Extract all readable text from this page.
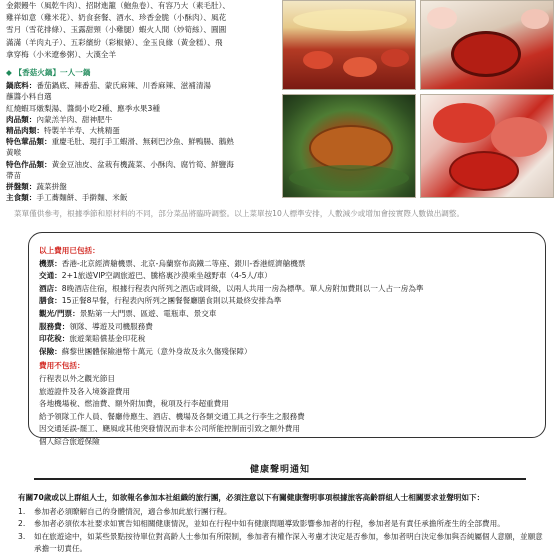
金銀饅牛（風乾牛肉）、招財進籠（鮑魚卷）、有容乃大（素毛肚）、
雞祥如意（雞米花）、奶食套餐、酒水、珍香金脆（小酥肉）、風花
雪月（雪花排條）、玉露甜頸（小雞腿）蝦火人間（炒筍絲）、圓圓
滿滿（羊肉丸子）、五彩繽紛（彩椒條）、金玉良緣（黃金糕）、飛
拿穿梅（小米遼參粥）、大漢全羊
◆ 【香菇火鍋】一人一鍋
鍋底料：番茄鍋底、辣番茄、蒙氏麻辣、川香麻辣、滋補清湯
蘸醬小料自選
紅燒蝦耳燉梨湯、醬焗小吃2種、應季水果3種
肉品類：內蒙羔羊肉、甜神肥牛
精品肉類：特製羊羊寿、大桃精蛋
特色葷品類：重慶毛肚、現打手工蝦滑、無刺巴沙魚、鮮鴨腸、鵝熟
黃喉
特色作品類：黃金豆油皮、盆栽有機蔬菜、小酥肉、腐竹筍、鮮鹽海
帶苗
拼盤類：蔬菜拼盤
主食類：手工蕎麵餅、手擀麵、米飯
菜單僅供參考，根據季節和原材料的不同，部分菜品將臨時調整。以上菜單按10人標準安排，人數減少或增加會按實際人數做出調整。
以上費用已包括：
機票：香港-北京經濟艙機票、北京-烏蘭察布高鐵二等座、銀川-香港經濟艙機票
交通：2+1旅遊VIP空調旅遊巴、騰格裏沙漠乘坐越野車（4-5人/車）
酒店：8晚酒店住宿，根據行程表內所列之酒店或同級，以兩人共用一房為標準。單人房附加費則以一人占一房為準
膳食：15正餐8早餐，行程表內所列之團餐餐廳膳食則以其最終安排為準
觀光/門票：景點第一大門票、區遊、電瓶車、景交車
服務費：領隊、導遊及司機服務費
印花稅：旅遊業賠償基金印花稅
保險：蘇黎世團體保險港幣十萬元（意外身故及永久傷殘保障）
費用不包括：
行程表以外之觀光節目
旅遊證件及各入境簽證費用
各地機場稅、燃油費、額外附加費，稅項及行李超重費用
給予領隊工作人員、餐廳侍應生、酒店、機場及各類交通工具之行李生之服務費
因交通延誤-罷工、颶風或其他突發情況而非本公司所能控制而引致之額外費用
個人綜合旅遊保險
健康聲明通知
有關70歲或以上群組人士，如欲報名參加本社組織的旅行團，必須注意以下有關健康聲明事項根據旅客高齡群組人士相關要求並聲明如下：
1. 參加者必須瞭解自己的身體情況，適合參加此旅行團行程。
2. 參加者必須依本社要求如實告知相關健康情況，並如在行程中如有健康問題導致影響參加者的行程，參加者是有責任承擔所產生的全部費用。
3. 如在旅遊途中，如某些景點按待單位對高齡人士參加有所限制，參加者有權作深入考慮才決定是否參加，參加者明白決定參加與否純屬個人意願，並願意承擔一切責任。
